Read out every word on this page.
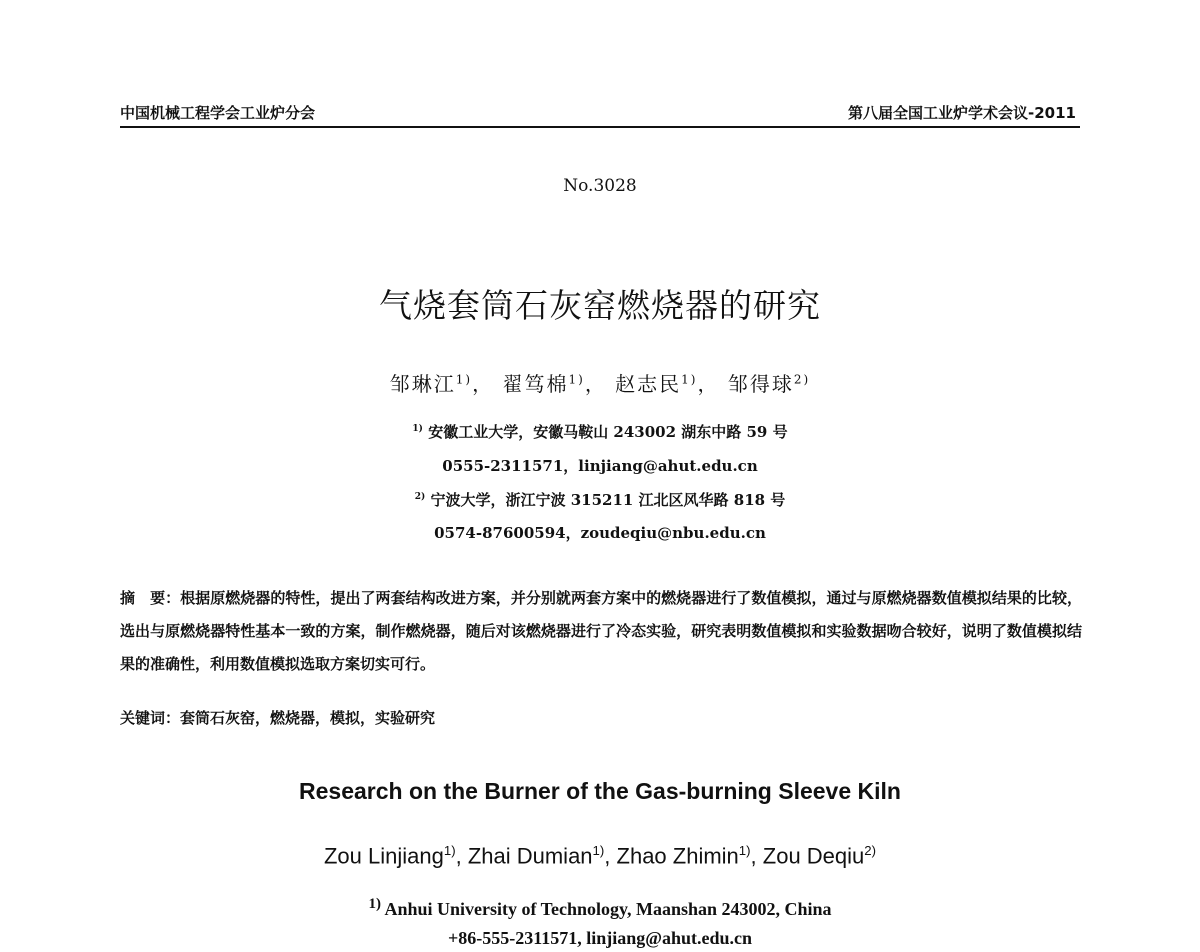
中国机械工程学会工业炉分会	第八届全国工业炉学术会议-2011
No.3028
气烧套筒石灰窑燃烧器的研究
邹琳江$^{1)}$， 翟笃棉$^{1)}$， 赵志民$^{1)}$， 邹得球$^{2)}$
$^{1)}$ 安徽工业大学，安徽马鞍山 243002 湖东中路 59 号
0555-2311571，linjiang@ahut.edu.cn
$^{2)}$ 宁波大学，浙江宁波 315211 江北区风华路 818 号
0574-87600594，zoudeqiu@nbu.edu.cn

摘　要：根据原燃烧器的特性，提出了两套结构改进方案，并分别就两套方案中的燃烧器进行了数值模拟，通过与原燃烧器数值模拟结果的比较，选出与原燃烧器特性基本一致的方案，制作燃烧器，随后对该燃烧器进行了冷态实验，研究表明数值模拟和实验数据吻合较好，说明了数值模拟结果的准确性，利用数值模拟选取方案切实可行。

关键词：套筒石灰窑，燃烧器，模拟，实验研究
Research on the Burner of the Gas-burning Sleeve Kiln
Zou Linjiang$^{1)}$, Zhai Dumian$^{1)}$, Zhao Zhimin$^{1)}$, Zou Deqiu$^{2)}$
$^{1)}$ Anhui University of Technology, Maanshan 243002, China
+86-555-2311571, linjiang@ahut.edu.cn
